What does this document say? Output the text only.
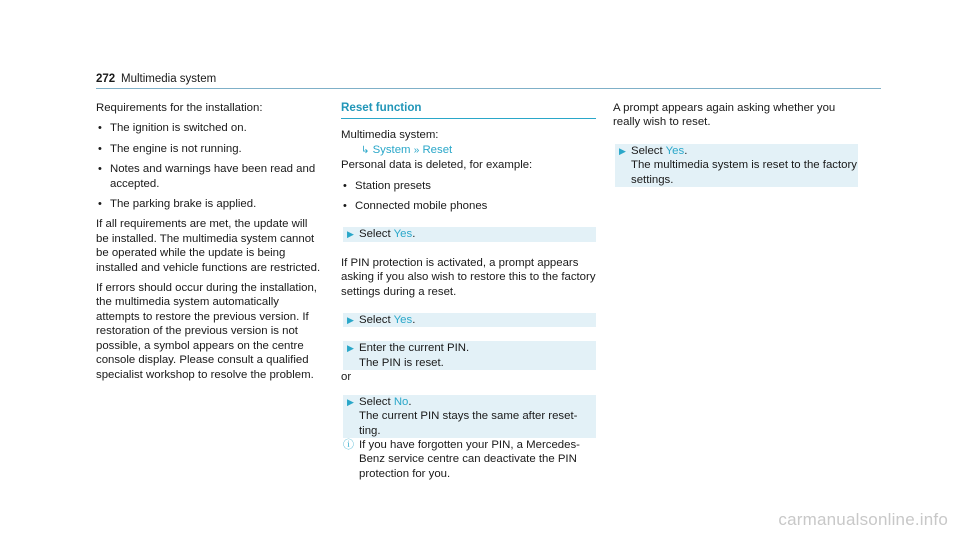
272 Multimedia system

Requirements for the installation:

• The ignition is switched on.

• The engine is not running.

• Notes and warnings have been read and accepted.

• The parking brake is applied.

If all requirements are met, the update will be installed. The multimedia system cannot be operated while the update is being installed and vehicle functions are restricted.

If errors should occur during the installation, the multimedia system automatically attempts to restore the previous version. If restoration of the previous version is not possible, a symbol appears on the centre console display. Please consult a qualified specialist workshop to resolve the problem.

Reset function

Multimedia system:

↳ System » Reset

Personal data is deleted, for example:

• Station presets

• Connected mobile phones

▶ Select Yes.

If PIN protection is activated, a prompt appears asking if you also wish to restore this to the factory settings during a reset.

▶ Select Yes.
▶ Enter the current PIN.

The PIN is reset.

or

▶ Select No.

The current PIN stays the same after reset-ting.

ⓘ If you have forgotten your PIN, a Mercedes-Benz service centre can deactivate the PIN protection for you.

A prompt appears again asking whether you really wish to reset.

▶ Select Yes.

The multimedia system is reset to the factory settings.

carmanualsonline.info
